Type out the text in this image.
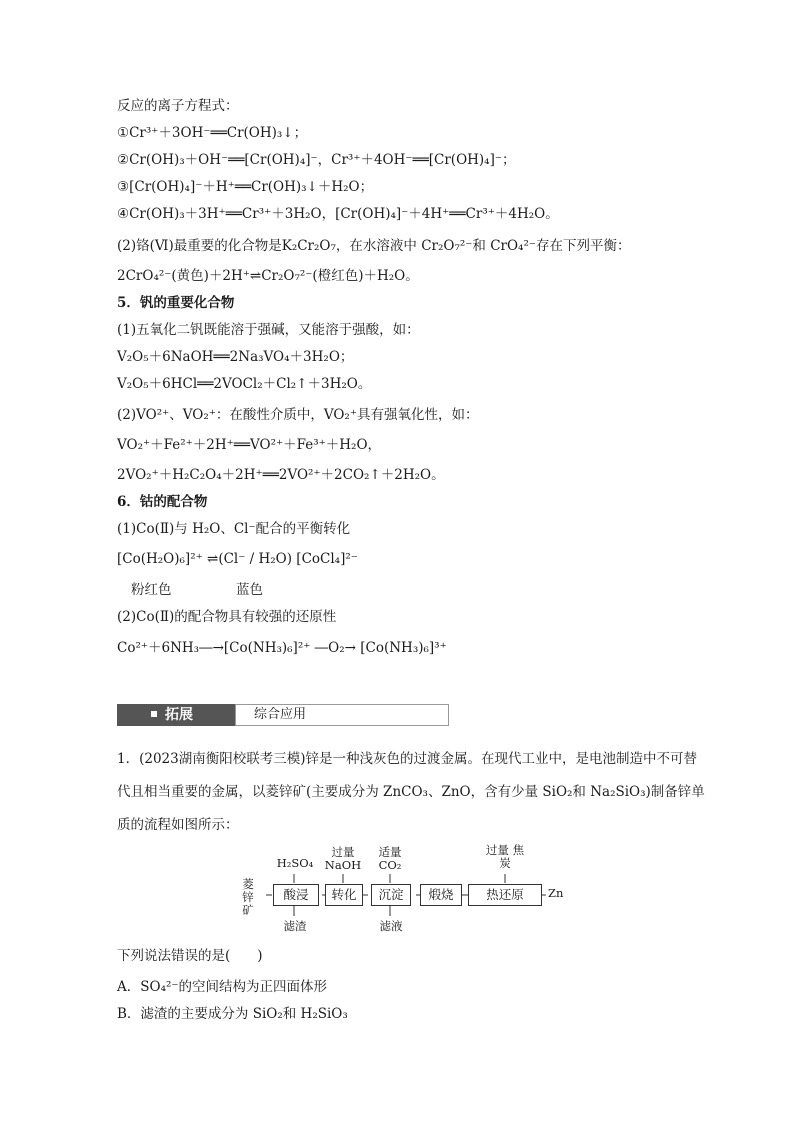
反应的离子方程式：
①Cr³⁺＋3OH⁻══Cr(OH)₃↓；
②Cr(OH)₃＋OH⁻══[Cr(OH)₄]⁻，Cr³⁺＋4OH⁻══[Cr(OH)₄]⁻；
③[Cr(OH)₄]⁻＋H⁺══Cr(OH)₃↓＋H₂O；
④Cr(OH)₃＋3H⁺══Cr³⁺＋3H₂O，[Cr(OH)₄]⁻＋4H⁺══Cr³⁺＋4H₂O。
(2)铬(Ⅵ)最重要的化合物是K₂Cr₂O₇，在水溶液中 Cr₂O₇²⁻和 CrO₄²⁻存在下列平衡：
2CrO₄²⁻(黄色)＋2H⁺⇌Cr₂O₇²⁻(橙红色)＋H₂O。
5．钒的重要化合物
(1)五氧化二钒既能溶于强碱，又能溶于强酸，如：
V₂O₅＋6NaOH══2Na₃VO₄＋3H₂O；
V₂O₅＋6HCl══2VOCl₂＋Cl₂↑＋3H₂O。
(2)VO²⁺、VO₂⁺：在酸性介质中，VO₂⁺具有强氧化性，如：
VO₂⁺＋Fe²⁺＋2H⁺══VO²⁺＋Fe³⁺＋H₂O，
2VO₂⁺＋H₂C₂O₄＋2H⁺══2VO²⁺＋2CO₂↑＋2H₂O。
6．钴的配合物
(1)Co(Ⅱ)与 H₂O、Cl⁻配合的平衡转化
[Co(H₂O)₆]²⁺ ⇌(Cl⁻ / H₂O) [CoCl₄]²⁻
粉红色	蓝色
(2)Co(Ⅱ)的配合物具有较强的还原性
Co²⁺＋6NH₃―→[Co(NH₃)₆]²⁺ ―O₂→ [Co(NH₃)₆]³⁺
拓展	综合应用
1．(2023湖南衡阳校联考三模)锌是一种浅灰色的过渡金属。在现代工业中，是电池制造中不可替代且相当重要的金属，以菱锌矿(主要成分为 ZnCO₃、ZnO，含有少量 SiO₂和 Na₂SiO₃)制备锌单质的流程如图所示：
菱锌矿
酸浸	转化	沉淀	煅烧	热还原	Zn
H₂SO₄
过量 NaOH
适量 CO₂
过量 焦炭
滤渣	滤液
下列说法错误的是(　　)
A．SO₄²⁻的空间结构为正四面体形
B．滤渣的主要成分为 SiO₂和 H₂SiO₃
